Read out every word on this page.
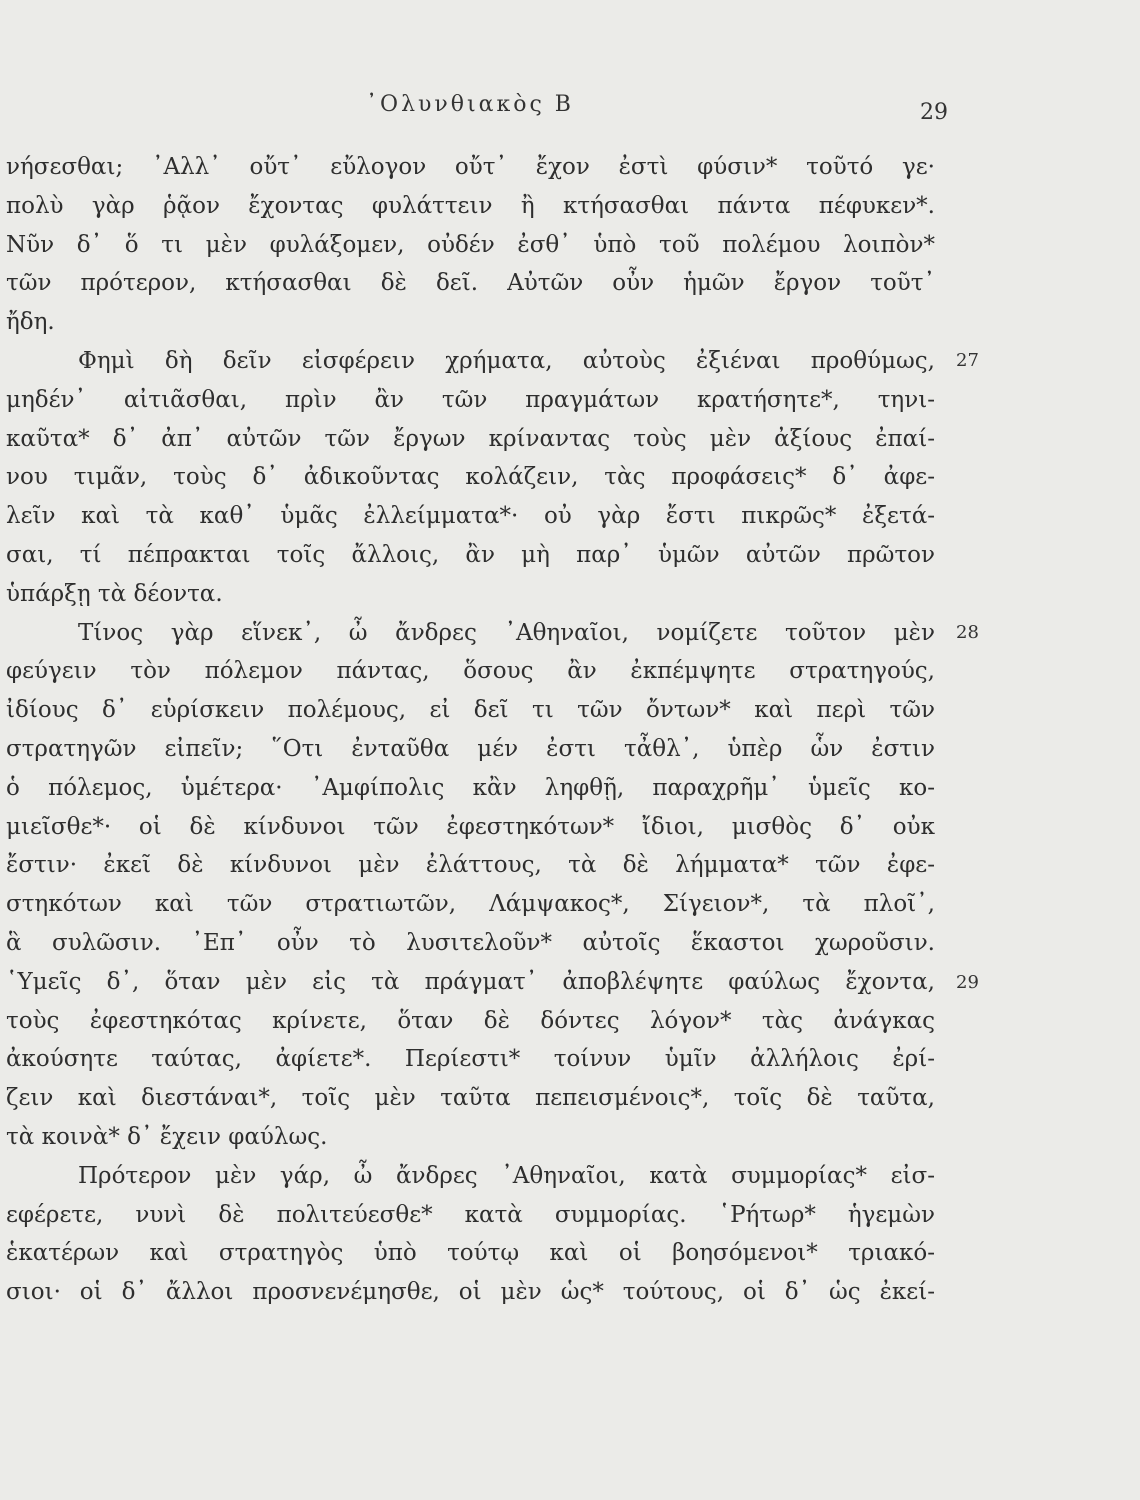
᾿Ολυνθιακὸς Β	29
νήσεσθαι; ᾿Αλλ᾿ οὔτ᾿ εὔλογον οὔτ᾿ ἔχον ἐστὶ φύσιν* τοῦτό γε·
πολὺ γὰρ ῥᾷον ἔχοντας φυλάττειν ἢ κτήσασθαι πάντα πέφυκεν*.
Νῦν δ᾿ ὅ τι μὲν φυλάξομεν, οὐδέν ἐσθ᾿ ὑπὸ τοῦ πολέμου λοιπὸν*
τῶν πρότερον, κτήσασθαι δὲ δεῖ. Αὐτῶν οὖν ἡμῶν ἔργον τοῦτ᾿
ἤδη.
Φημὶ δὴ δεῖν εἰσφέρειν χρήματα, αὐτοὺς ἐξιέναι προθύμως,
μηδέν᾿ αἰτιᾶσθαι, πρὶν ἂν τῶν πραγμάτων κρατήσητε*, τηνι-
καῦτα* δ᾿ ἀπ᾿ αὐτῶν τῶν ἔργων κρίναντας τοὺς μὲν ἀξίους ἐπαί-
νου τιμᾶν, τοὺς δ᾿ ἀδικοῦντας κολάζειν, τὰς προφάσεις* δ᾿ ἀφε-
λεῖν καὶ τὰ καθ᾿ ὑμᾶς ἐλλείμματα*· οὐ γὰρ ἔστι πικρῶς* ἐξετά-
σαι, τί πέπρακται τοῖς ἄλλοις, ἂν μὴ παρ᾿ ὑμῶν αὐτῶν πρῶτον
ὑπάρξῃ τὰ δέοντα.
Τίνος γὰρ εἵνεκ᾿, ὦ ἄνδρες ᾿Αθηναῖοι, νομίζετε τοῦτον μὲν
φεύγειν τὸν πόλεμον πάντας, ὅσους ἂν ἐκπέμψητε στρατηγούς,
ἰδίους δ᾿ εὑρίσκειν πολέμους, εἰ δεῖ τι τῶν ὄντων* καὶ περὶ τῶν
στρατηγῶν εἰπεῖν; ῞Οτι ἐνταῦθα μέν ἐστι τἆθλ᾿, ὑπὲρ ὧν ἐστιν
ὁ πόλεμος, ὑμέτερα· ᾿Αμφίπολις κἂν ληφθῇ, παραχρῆμ᾿ ὑμεῖς κο-
μιεῖσθε*· οἱ δὲ κίνδυνοι τῶν ἐφεστηκότων* ἴδιοι, μισθὸς δ᾿ οὐκ
ἔστιν· ἐκεῖ δὲ κίνδυνοι μὲν ἐλάττους, τὰ δὲ λήμματα* τῶν ἐφε-
στηκότων καὶ τῶν στρατιωτῶν, Λάμψακος*, Σίγειον*, τὰ πλοῖ᾿,
ἃ συλῶσιν. ᾿Επ᾿ οὖν τὸ λυσιτελοῦν* αὐτοῖς ἕκαστοι χωροῦσιν.
῾Υμεῖς δ᾿, ὅταν μὲν εἰς τὰ πράγματ᾿ ἀποβλέψητε φαύλως ἔχοντα,
τοὺς ἐφεστηκότας κρίνετε, ὅταν δὲ δόντες λόγον* τὰς ἀνάγκας
ἀκούσητε ταύτας, ἀφίετε*. Περίεστι* τοίνυν ὑμῖν ἀλλήλοις ἐρί-
ζειν καὶ διεστάναι*, τοῖς μὲν ταῦτα πεπεισμένοις*, τοῖς δὲ ταῦτα,
τὰ κοινὰ* δ᾿ ἔχειν φαύλως.
Πρότερον μὲν γάρ, ὦ ἄνδρες ᾿Αθηναῖοι, κατὰ συμμορίας* εἰσ-
εφέρετε, νυνὶ δὲ πολιτεύεσθε* κατὰ συμμορίας. ῾Ρήτωρ* ἡγεμὼν
ἑκατέρων καὶ στρατηγὸς ὑπὸ τούτῳ καὶ οἱ βοησόμενοι* τριακό-
σιοι· οἱ δ᾿ ἄλλοι προσνενέμησθε, οἱ μὲν ὡς* τούτους, οἱ δ᾿ ὡς ἐκεί-
27
28
29
